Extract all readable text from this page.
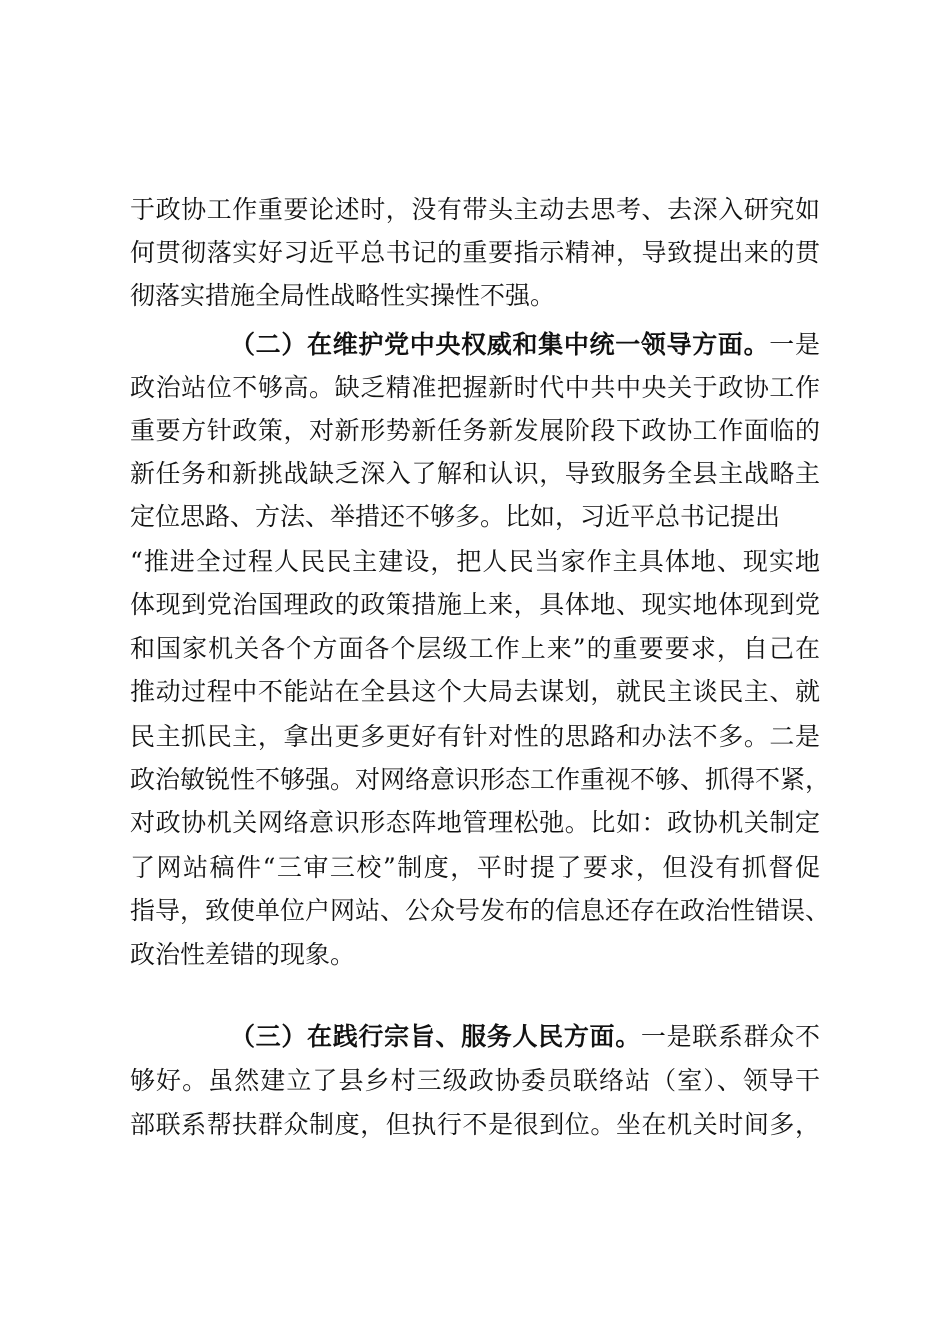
于政协工作重要论述时，没有带头主动去思考、去深入研究如
何贯彻落实好习近平总书记的重要指示精神，导致提出来的贯
彻落实措施全局性战略性实操性不强。
（二）在维护党中央权威和集中统一领导方面。一是
政治站位不够高。缺乏精准把握新时代中共中央关于政协工作
重要方针政策，对新形势新任务新发展阶段下政协工作面临的
新任务和新挑战缺乏深入了解和认识，导致服务全县主战略主
定位思路、方法、举措还不够多。比如，习近平总书记提出
“推进全过程人民民主建设，把人民当家作主具体地、现实地
体现到党治国理政的政策措施上来，具体地、现实地体现到党
和国家机关各个方面各个层级工作上来”的重要要求，自己在
推动过程中不能站在全县这个大局去谋划，就民主谈民主、就
民主抓民主，拿出更多更好有针对性的思路和办法不多。二是
政治敏锐性不够强。对网络意识形态工作重视不够、抓得不紧，
对政协机关网络意识形态阵地管理松弛。比如：政协机关制定
了网站稿件“三审三校”制度，平时提了要求，但没有抓督促
指导，致使单位户网站、公众号发布的信息还存在政治性错误、
政治性差错的现象。
（三）在践行宗旨、服务人民方面。一是联系群众不
够好。虽然建立了县乡村三级政协委员联络站（室）、领导干
部联系帮扶群众制度，但执行不是很到位。坐在机关时间多，
